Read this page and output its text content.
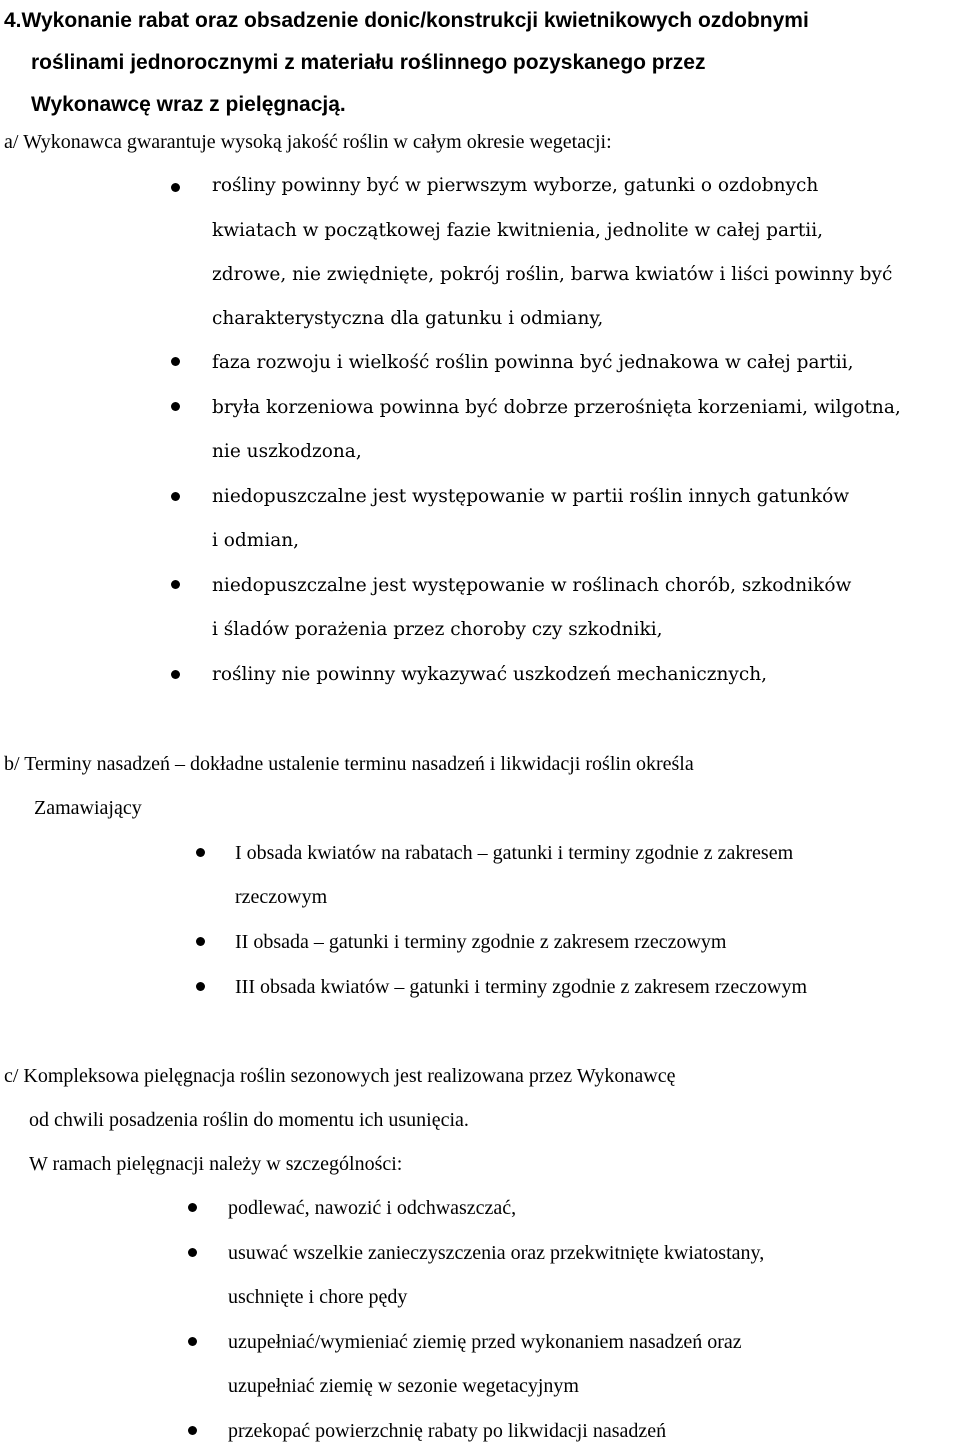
4.Wykonanie rabat oraz obsadzenie donic/konstrukcji kwietnikowych ozdobnymi
roślinami jednorocznymi z materiału roślinnego pozyskanego przez
Wykonawcę wraz z pielęgnacją.
a/ Wykonawca gwarantuje wysoką jakość roślin w całym okresie wegetacji:
rośliny powinny być w pierwszym wyborze, gatunki o ozdobnych
kwiatach w początkowej fazie kwitnienia, jednolite w całej partii,
zdrowe, nie zwiędnięte, pokrój roślin, barwa kwiatów i liści powinny być
charakterystyczna dla gatunku i odmiany,
faza rozwoju i wielkość roślin powinna być jednakowa w całej partii,
bryła korzeniowa powinna być dobrze przerośnięta korzeniami, wilgotna,
nie uszkodzona,
niedopuszczalne jest występowanie w partii roślin innych gatunków
i odmian,
niedopuszczalne jest występowanie w roślinach chorób, szkodników
i śladów porażenia przez choroby czy szkodniki,
rośliny nie powinny wykazywać uszkodzeń mechanicznych,
b/ Terminy nasadzeń – dokładne ustalenie terminu nasadzeń i likwidacji roślin określa
Zamawiający
I obsada kwiatów na rabatach – gatunki i terminy zgodnie z zakresem
rzeczowym
II obsada – gatunki i terminy zgodnie z zakresem rzeczowym
III obsada kwiatów – gatunki i terminy zgodnie z zakresem rzeczowym
c/ Kompleksowa pielęgnacja roślin sezonowych jest realizowana przez Wykonawcę
od chwili posadzenia roślin do momentu ich usunięcia.
W ramach pielęgnacji należy w szczególności:
podlewać, nawozić i odchwaszczać,
usuwać wszelkie zanieczyszczenia oraz przekwitnięte kwiatostany,
uschnięte i chore pędy
uzupełniać/wymieniać ziemię przed wykonaniem nasadzeń oraz
uzupełniać ziemię w sezonie wegetacyjnym
przekopać powierzchnię rabaty po likwidacji nasadzeń
